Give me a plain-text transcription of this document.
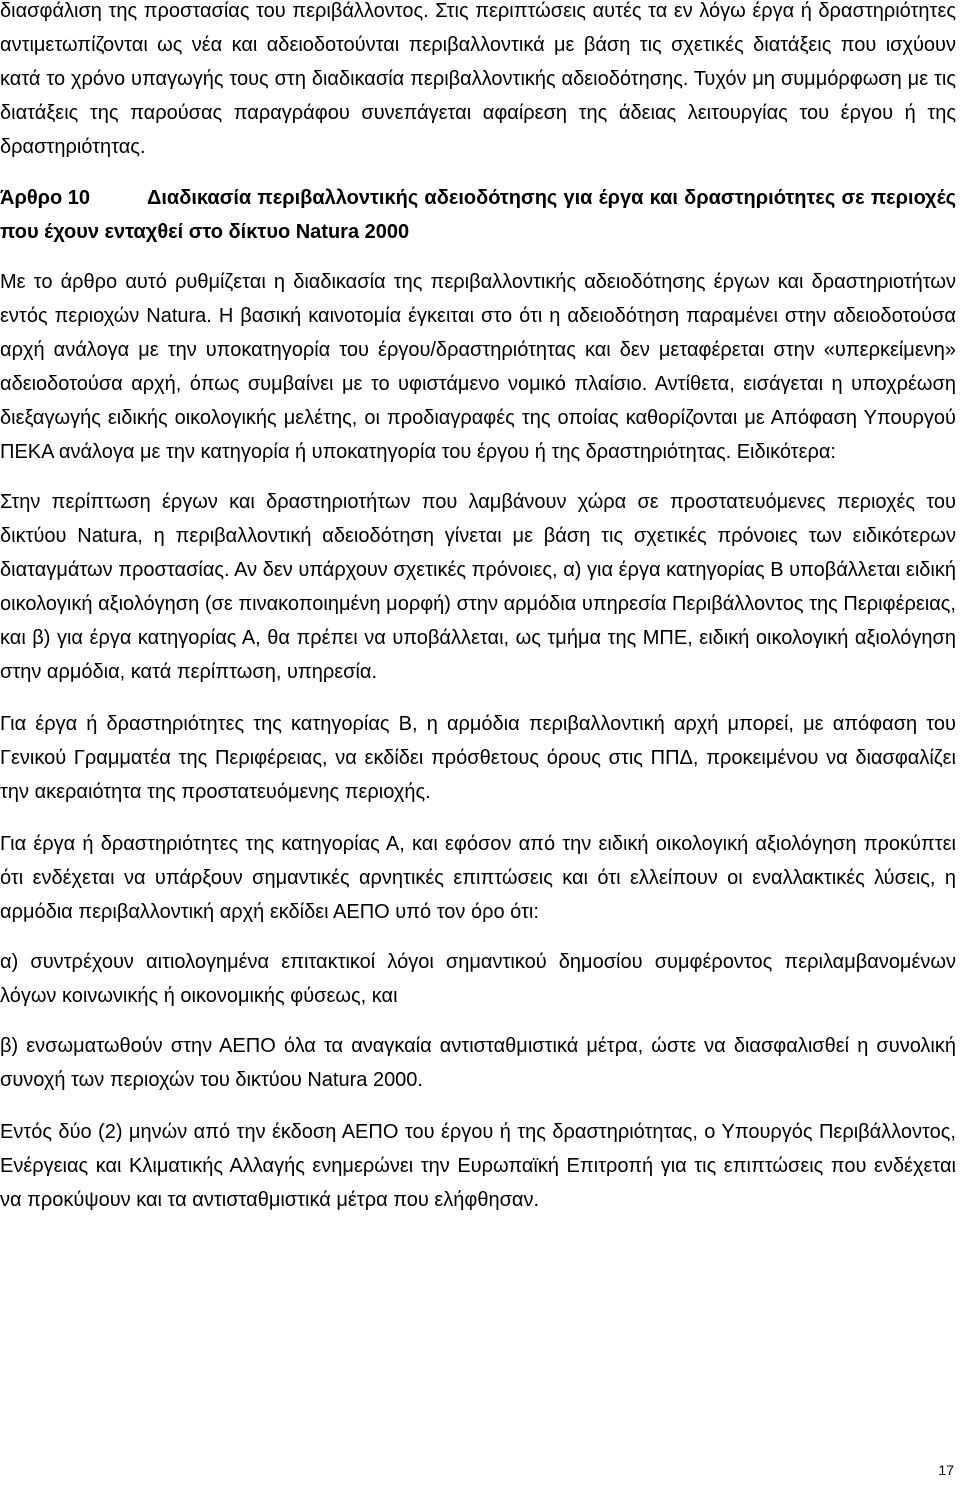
διασφάλιση της προστασίας του περιβάλλοντος. Στις περιπτώσεις αυτές τα εν λόγω έργα ή δραστηριότητες αντιμετωπίζονται ως νέα και αδειοδοτούνται περιβαλλοντικά με βάση τις σχετικές διατάξεις που ισχύουν κατά το χρόνο υπαγωγής τους στη διαδικασία περιβαλλοντικής αδειοδότησης. Τυχόν μη συμμόρφωση με τις διατάξεις της παρούσας παραγράφου συνεπάγεται αφαίρεση της άδειας λειτουργίας του έργου ή της δραστηριότητας.

Άρθρο 10	Διαδικασία περιβαλλοντικής αδειοδότησης για έργα και δραστηριότητες σε περιοχές που έχουν ενταχθεί στο δίκτυο Natura 2000

Με το άρθρο αυτό ρυθμίζεται η διαδικασία της περιβαλλοντικής αδειοδότησης έργων και δραστηριοτήτων εντός περιοχών Natura. Η βασική καινοτομία έγκειται στο ότι η αδειοδότηση παραμένει στην αδειοδοτούσα αρχή ανάλογα με την υποκατηγορία του έργου/δραστηριότητας και δεν μεταφέρεται στην «υπερκείμενη» αδειοδοτούσα αρχή, όπως συμβαίνει με το υφιστάμενο νομικό πλαίσιο. Αντίθετα, εισάγεται η υποχρέωση διεξαγωγής ειδικής οικολογικής μελέτης, οι προδιαγραφές της οποίας καθορίζονται με Απόφαση Υπουργού ΠΕΚΑ ανάλογα με την κατηγορία ή υποκατηγορία του έργου ή της δραστηριότητας. Ειδικότερα:

Στην περίπτωση έργων και δραστηριοτήτων που λαμβάνουν χώρα σε προστατευόμενες περιοχές του δικτύου Natura, η περιβαλλοντική αδειοδότηση γίνεται με βάση τις σχετικές πρόνοιες των ειδικότερων διαταγμάτων προστασίας. Αν δεν υπάρχουν σχετικές πρόνοιες, α) για έργα κατηγορίας Β υποβάλλεται ειδική οικολογική αξιολόγηση (σε πινακοποιημένη μορφή) στην αρμόδια υπηρεσία Περιβάλλοντος της Περιφέρειας, και β) για έργα κατηγορίας Α, θα πρέπει να υποβάλλεται, ως τμήμα της ΜΠΕ, ειδική οικολογική αξιολόγηση στην αρμόδια, κατά περίπτωση, υπηρεσία.

Για έργα ή δραστηριότητες της κατηγορίας Β, η αρμόδια περιβαλλοντική αρχή μπορεί, με απόφαση του Γενικού Γραμματέα της Περιφέρειας, να εκδίδει πρόσθετους όρους στις ΠΠΔ, προκειμένου να διασφαλίζει την ακεραιότητα της προστατευόμενης περιοχής.

Για έργα ή δραστηριότητες της κατηγορίας Α, και εφόσον από την ειδική οικολογική αξιολόγηση προκύπτει ότι ενδέχεται να υπάρξουν σημαντικές αρνητικές επιπτώσεις και ότι ελλείπουν οι εναλλακτικές λύσεις, η αρμόδια περιβαλλοντική αρχή εκδίδει ΑΕΠΟ υπό τον όρο ότι:

α) συντρέχουν αιτιολογημένα επιτακτικοί λόγοι σημαντικού δημοσίου συμφέροντος περιλαμβανομένων λόγων κοινωνικής ή οικονομικής φύσεως, και

β) ενσωματωθούν στην ΑΕΠΟ όλα τα αναγκαία αντισταθμιστικά μέτρα, ώστε να διασφαλισθεί η συνολική συνοχή των περιοχών του δικτύου Natura 2000.

Εντός δύο (2) μηνών από την έκδοση ΑΕΠΟ του έργου ή της δραστηριότητας, ο Υπουργός Περιβάλλοντος, Ενέργειας και Κλιματικής Αλλαγής ενημερώνει την Ευρωπαϊκή Επιτροπή για τις επιπτώσεις που ενδέχεται να προκύψουν και τα αντισταθμιστικά μέτρα που ελήφθησαν.

17
